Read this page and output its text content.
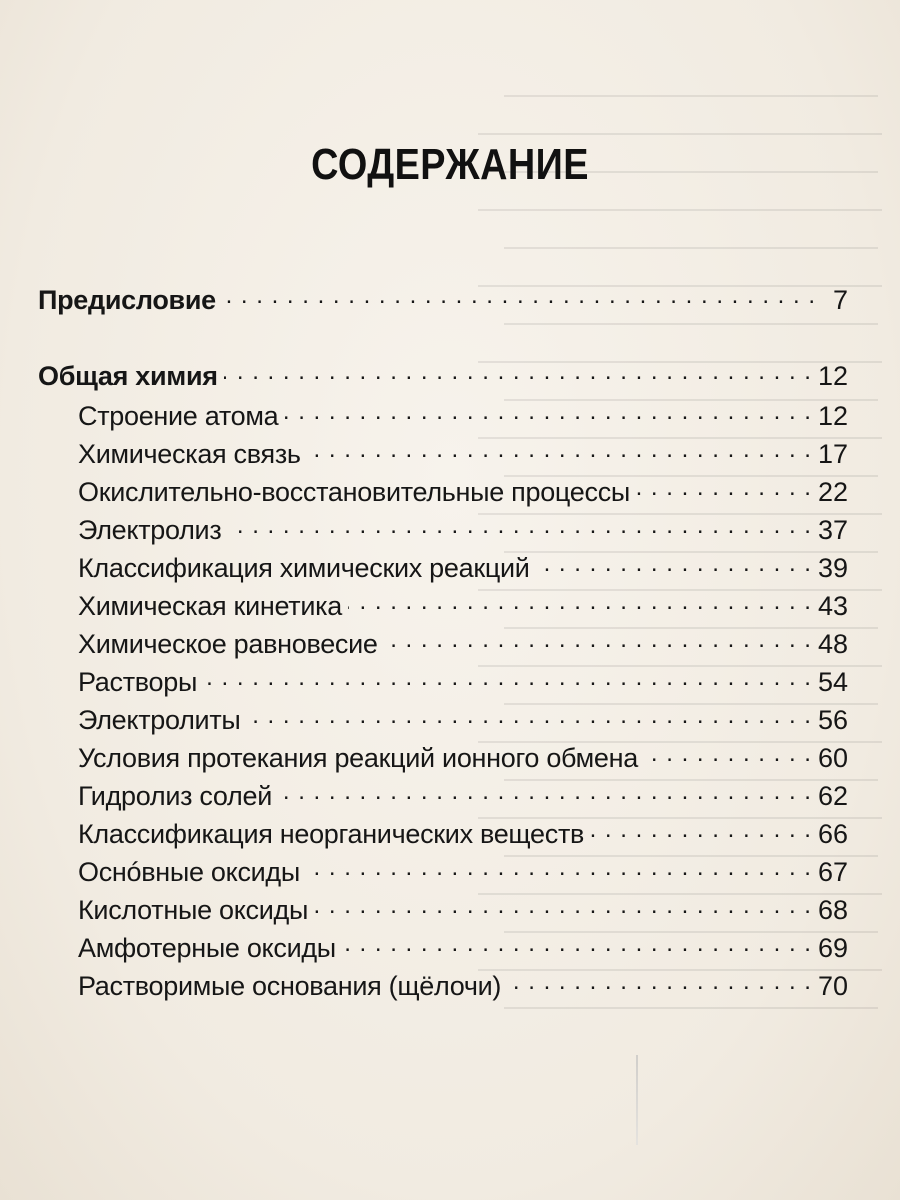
СОДЕРЖАНИЕ
Предисловие . . .	7
Общая химия . . .	12
Строение атома . . .	12
Химическая связь . . .	17
Окислительно-восстановительные процессы . . .	22
Электролиз . . .	37
Классификация химических реакций . . .	39
Химическая кинетика . . .	43
Химическое равновесие . . .	48
Растворы . . .	54
Электролиты . . .	56
Условия протекания реакций ионного обмена . . .	60
Гидролиз солей . . .	62
Классификация неорганических веществ . . .	66
Оснóвные оксиды . . .	67
Кислотные оксиды . . .	68
Амфотерные оксиды . . .	69
Растворимые основания (щёлочи) . . .	70
